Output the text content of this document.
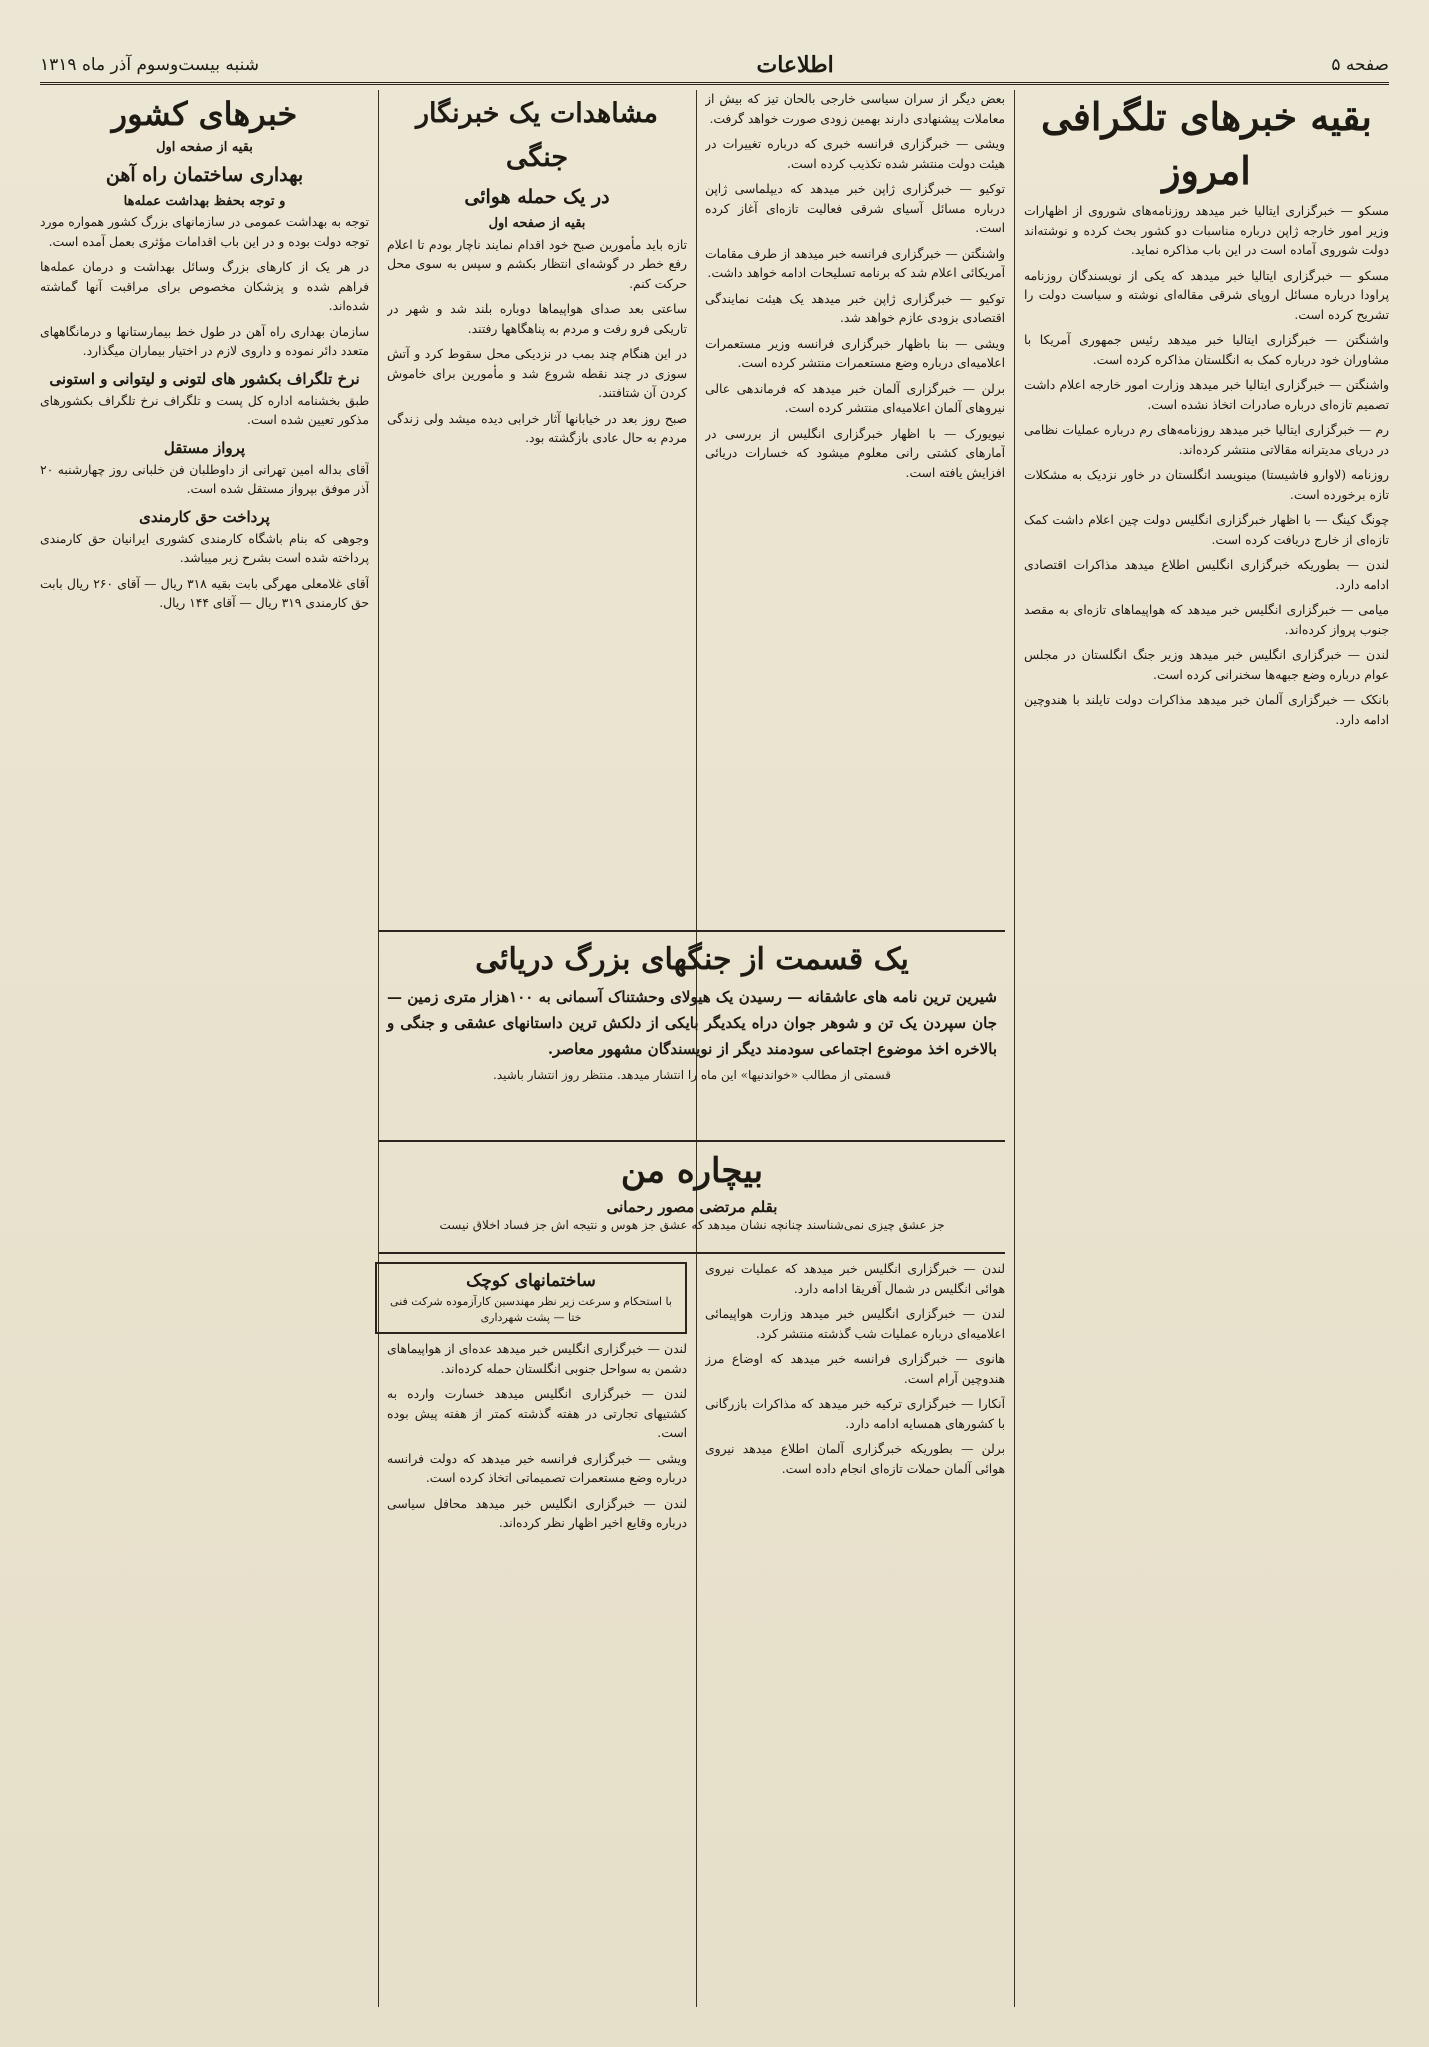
صفحه ۵
اطلاعات
شنبه بیست‌وسوم آذر ماه ۱۳۱۹
بقیه خبرهای تلگرافی امروز

مسکو — خبرگزاری ایتالیا خبر میدهد روزنامه‌های شوروی از اظهارات وزیر امور خارجه ژاپن درباره مناسبات دو کشور بحث کرده و نوشته‌اند دولت شوروی آماده است در این باب مذاکره نماید.

مسکو — خبرگزاری ایتالیا خبر میدهد که یکی از نویسندگان روزنامه پراودا درباره مسائل اروپای شرقی مقاله‌ای نوشته و سیاست دولت را تشریح کرده است.

واشنگتن — خبرگزاری ایتالیا خبر میدهد رئیس جمهوری آمریکا با مشاوران خود درباره کمک به انگلستان مذاکره کرده است.

واشنگتن — خبرگزاری ایتالیا خبر میدهد وزارت امور خارجه اعلام داشت تصمیم تازه‌ای درباره صادرات اتخاذ نشده است.

رم — خبرگزاری ایتالیا خبر میدهد روزنامه‌های رم درباره عملیات نظامی در دریای مدیترانه مقالاتی منتشر کرده‌اند.

روزنامه (لاوارو فاشیستا) مینویسد انگلستان در خاور نزدیک به مشکلات تازه برخورده است.

چونگ کینگ — با اظهار خبرگزاری انگلیس دولت چین اعلام داشت کمک تازه‌ای از خارج دریافت کرده است.

لندن — بطوریکه خبرگزاری انگلیس اطلاع میدهد مذاکرات اقتصادی ادامه دارد.

میامی — خبرگزاری انگلیس خبر میدهد که هواپیماهای تازه‌ای به مقصد جنوب پرواز کرده‌اند.

لندن — خبرگزاری انگلیس خبر میدهد وزیر جنگ انگلستان در مجلس عوام درباره وضع جبهه‌ها سخنرانی کرده است.

بانکک — خبرگزاری آلمان خبر میدهد مذاکرات دولت تایلند با هندوچین ادامه دارد.

بعض دیگر از سران سیاسی خارجی بالحان تیز که بیش از معاملات پیشنهادی دارند بهمین زودی صورت خواهد گرفت.

ویشی — خبرگزاری فرانسه خبری که درباره تغییرات در هیئت دولت منتشر شده تکذیب کرده است.

توکیو — خبرگزاری ژاپن خبر میدهد که دیپلماسی ژاپن درباره مسائل آسیای شرقی فعالیت تازه‌ای آغاز کرده است.

واشنگتن — خبرگزاری فرانسه خبر میدهد از طرف مقامات آمریکائی اعلام شد که برنامه تسلیحات ادامه خواهد داشت.

توکیو — خبرگزاری ژاپن خبر میدهد یک هیئت نمایندگی اقتصادی بزودی عازم خواهد شد.

ویشی — بنا باظهار خبرگزاری فرانسه وزیر مستعمرات اعلامیه‌ای درباره وضع مستعمرات منتشر کرده است.

برلن — خبرگزاری آلمان خبر میدهد که فرماندهی عالی نیروهای آلمان اعلامیه‌ای منتشر کرده است.

نیویورک — با اظهار خبرگزاری انگلیس از بررسی در آمارهای کشتی رانی معلوم میشود که خسارات دریائی افزایش یافته است.

مشاهدات یک خبرنگار جنگی
در یک حمله هوائی
بقیه از صفحه اول

تازه باید مأمورین صبح خود اقدام نمایند ناچار بودم تا اعلام رفع خطر در گوشه‌ای انتظار بکشم و سپس به سوی محل حرکت کنم.

ساعتی بعد صدای هواپیماها دوباره بلند شد و شهر در تاریکی فرو رفت و مردم به پناهگاهها رفتند.

در این هنگام چند بمب در نزدیکی محل سقوط کرد و آتش سوزی در چند نقطه شروع شد و مأمورین برای خاموش کردن آن شتافتند.

صبح روز بعد در خیابانها آثار خرابی دیده میشد ولی زندگی مردم به حال عادی بازگشته بود.

خبرهای کشور
بقیه از صفحه اول
بهداری ساختمان راه آهن
و توجه بحفظ بهداشت عمله‌ها

توجه به بهداشت عمومی در سازمانهای بزرگ کشور همواره مورد توجه دولت بوده و در این باب اقدامات مؤثری بعمل آمده است.

در هر یک از کارهای بزرگ وسائل بهداشت و درمان عمله‌ها فراهم شده و پزشکان مخصوص برای مراقبت آنها گماشته شده‌اند.

سازمان بهداری راه آهن در طول خط بیمارستانها و درمانگاههای متعدد دائر نموده و داروی لازم در اختیار بیماران میگذارد.

نرخ تلگراف بکشور های لتونی و لیتوانی و استونی

طبق بخشنامه اداره کل پست و تلگراف نرخ تلگراف بکشورهای مذکور تعیین شده است.

پرواز مستقل

آقای بداله امین تهرانی از داوطلبان فن خلبانی روز چهارشنبه ۲۰ آذر موفق بپرواز مستقل شده است.

پرداخت حق کارمندی

وجوهی که بنام باشگاه کارمندی کشوری ایرانیان حق کارمندی پرداخته شده است بشرح زیر میباشد.

آقای غلامعلی مهرگی بابت بقیه ۳۱۸ ریال — آقای ۲۶۰ ریال بابت حق کارمندی ۳۱۹ ریال — آقای ۱۴۴ ریال.

یک قسمت از جنگهای بزرگ دریائی
شیرین ترین نامه های عاشقانه — رسیدن یک هیولای وحشتناک آسمانی به ۱۰۰هزار متری زمین — جان سپردن یک تن و شوهر جوان دراه یکدیگر بایکی از دلکش ترین داستانهای عشقی و جنگی و بالاخره اخذ موضوع اجتماعی سودمند دیگر از نویسندگان مشهور معاصر.
قسمتی از مطالب «خواندنیها» این ماه را انتشار میدهد. منتظر روز انتشار باشید.
بیچاره من
بقلم مرتضی مصور رحمانی
جز عشق چیزی نمی‌شناسند چنانچه نشان میدهد که عشق جز هوس و نتیجه اش جز فساد اخلاق نیست

لندن — خبرگزاری انگلیس خبر میدهد که عملیات نیروی هوائی انگلیس در شمال آفریقا ادامه دارد.

لندن — خبرگزاری انگلیس خبر میدهد وزارت هواپیمائی اعلامیه‌ای درباره عملیات شب گذشته منتشر کرد.

هانوی — خبرگزاری فرانسه خبر میدهد که اوضاع مرز هندوچین آرام است.

آنکارا — خبرگزاری ترکیه خبر میدهد که مذاکرات بازرگانی با کشورهای همسایه ادامه دارد.

برلن — بطوریکه خبرگزاری آلمان اطلاع میدهد نیروی هوائی آلمان حملات تازه‌ای انجام داده است.

ساختمانهای کوچک
با استحکام و سرعت زیر نظر مهندسین کارآزموده شرکت فنی ختا — پشت شهرداری

لندن — خبرگزاری انگلیس خبر میدهد عده‌ای از هواپیماهای دشمن به سواحل جنوبی انگلستان حمله کرده‌اند.

لندن — خبرگزاری انگلیس میدهد خسارت وارده به کشتیهای تجارتی در هفته گذشته کمتر از هفته پیش بوده است.

ویشی — خبرگزاری فرانسه خبر میدهد که دولت فرانسه درباره وضع مستعمرات تصمیماتی اتخاذ کرده است.

لندن — خبرگزاری انگلیس خبر میدهد محافل سیاسی درباره وقایع اخیر اظهار نظر کرده‌اند.
